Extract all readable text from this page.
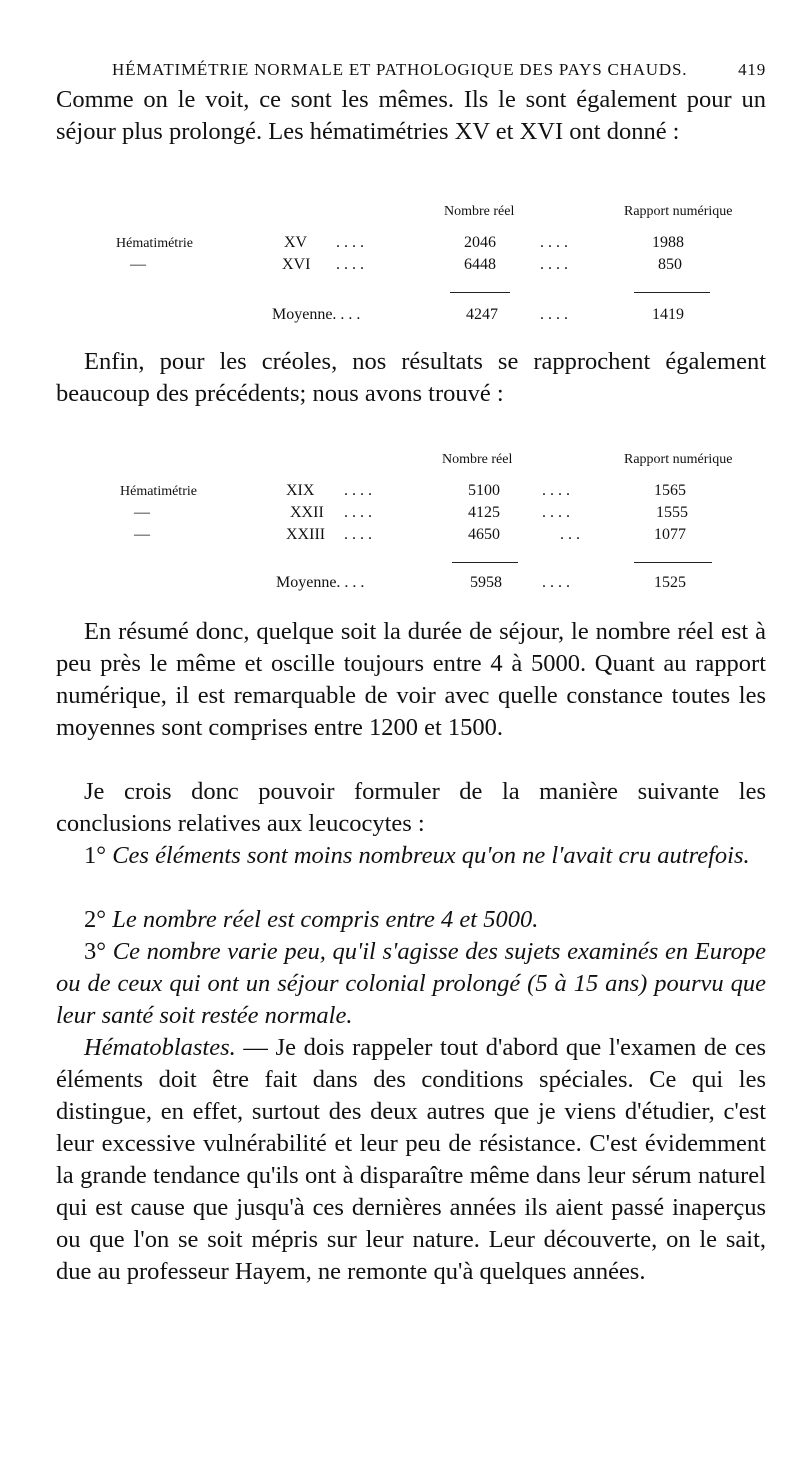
HÉMATIMÉTRIE NORMALE ET PATHOLOGIQUE DES PAYS CHAUDS.	419

Comme on le voit, ce sont les mêmes. Ils le sont également pour un séjour plus prolongé. Les hématimétries XV et XVI ont donné :

Nombre réel	Rapport numérique
Hématimétrie	XV . . . .	2046	. . . .	1988
—	XVI . . . .	6448	. . . .	850
Moyenne. . . .	4247	. . . .	1419

Enfin, pour les créoles, nos résultats se rapprochent également beaucoup des précédents; nous avons trouvé :

Nombre réel	Rapport numérique
Hématimétrie	XIX . . . .	5100	. . . .	1565
—	XXII . . . .	4125	. . . .	1555
—	XXIII . . . .	4650	. . .	1077
Moyenne. . . .	5958	. . . .	1525

En résumé donc, quelque soit la durée de séjour, le nombre réel est à peu près le même et oscille toujours entre 4 à 5000. Quant au rapport numérique, il est remarquable de voir avec quelle constance toutes les moyennes sont comprises entre 1200 et 1500.

Je crois donc pouvoir formuler de la manière suivante les conclusions relatives aux leucocytes :

1° Ces éléments sont moins nombreux qu'on ne l'avait cru autrefois.
2° Le nombre réel est compris entre 4 et 5000.
3° Ce nombre varie peu, qu'il s'agisse des sujets examinés en Europe ou de ceux qui ont un séjour colonial prolongé (5 à 15 ans) pourvu que leur santé soit restée normale.

Hématoblastes. — Je dois rappeler tout d'abord que l'examen de ces éléments doit être fait dans des conditions spéciales. Ce qui les distingue, en effet, surtout des deux autres que je viens d'étudier, c'est leur excessive vulnérabilité et leur peu de résistance. C'est évidemment la grande tendance qu'ils ont à disparaître même dans leur sérum naturel qui est cause que jusqu'à ces dernières années ils aient passé inaperçus ou que l'on se soit mépris sur leur nature. Leur découverte, on le sait, due au professeur Hayem, ne remonte qu'à quelques années.
